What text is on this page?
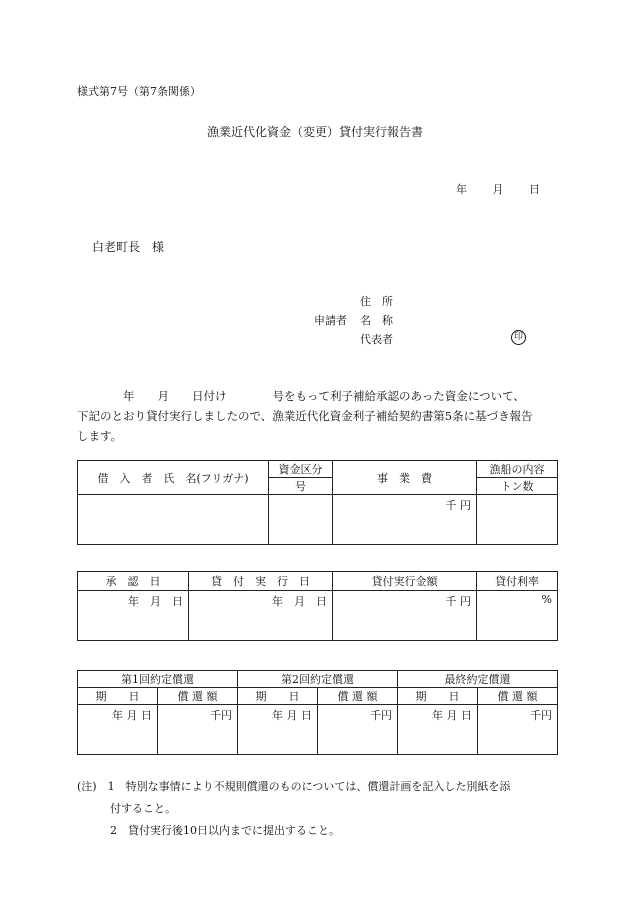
様式第7号（第7条関係）
漁業近代化資金（変更）貸付実行報告書
年 月 日
白老町長　様
住　所
申請者 名　称
代表者	印
　　　　年　　月　　日付け　　　　号をもって利子補給承認のあった資金について、
下記のとおり貸付実行しましたので、漁業近代化資金利子補給契約書第5条に基づき報告
します。
借　入　者　氏　名(フリガナ)	資金区分	事　業　費	漁船の内容
	号		トン数
		千 円	
承　認　日	貸　付　実　行　日	貸付実行金額	貸付利率
年　月　日	年　月　日	千 円	%
第1回約定償還		第2回約定償還		最終約定償還	
期　　日	償 還 額	期　　日	償 還 額	期　　日	償 還 額
年 月 日	千円	年 月 日	千円	年 月 日	千円
(注)　1　特別な事情により不規則償還のものについては、償還計画を記入した別紙を添
　　　付すること。
　　　2　貸付実行後10日以内までに提出すること。
